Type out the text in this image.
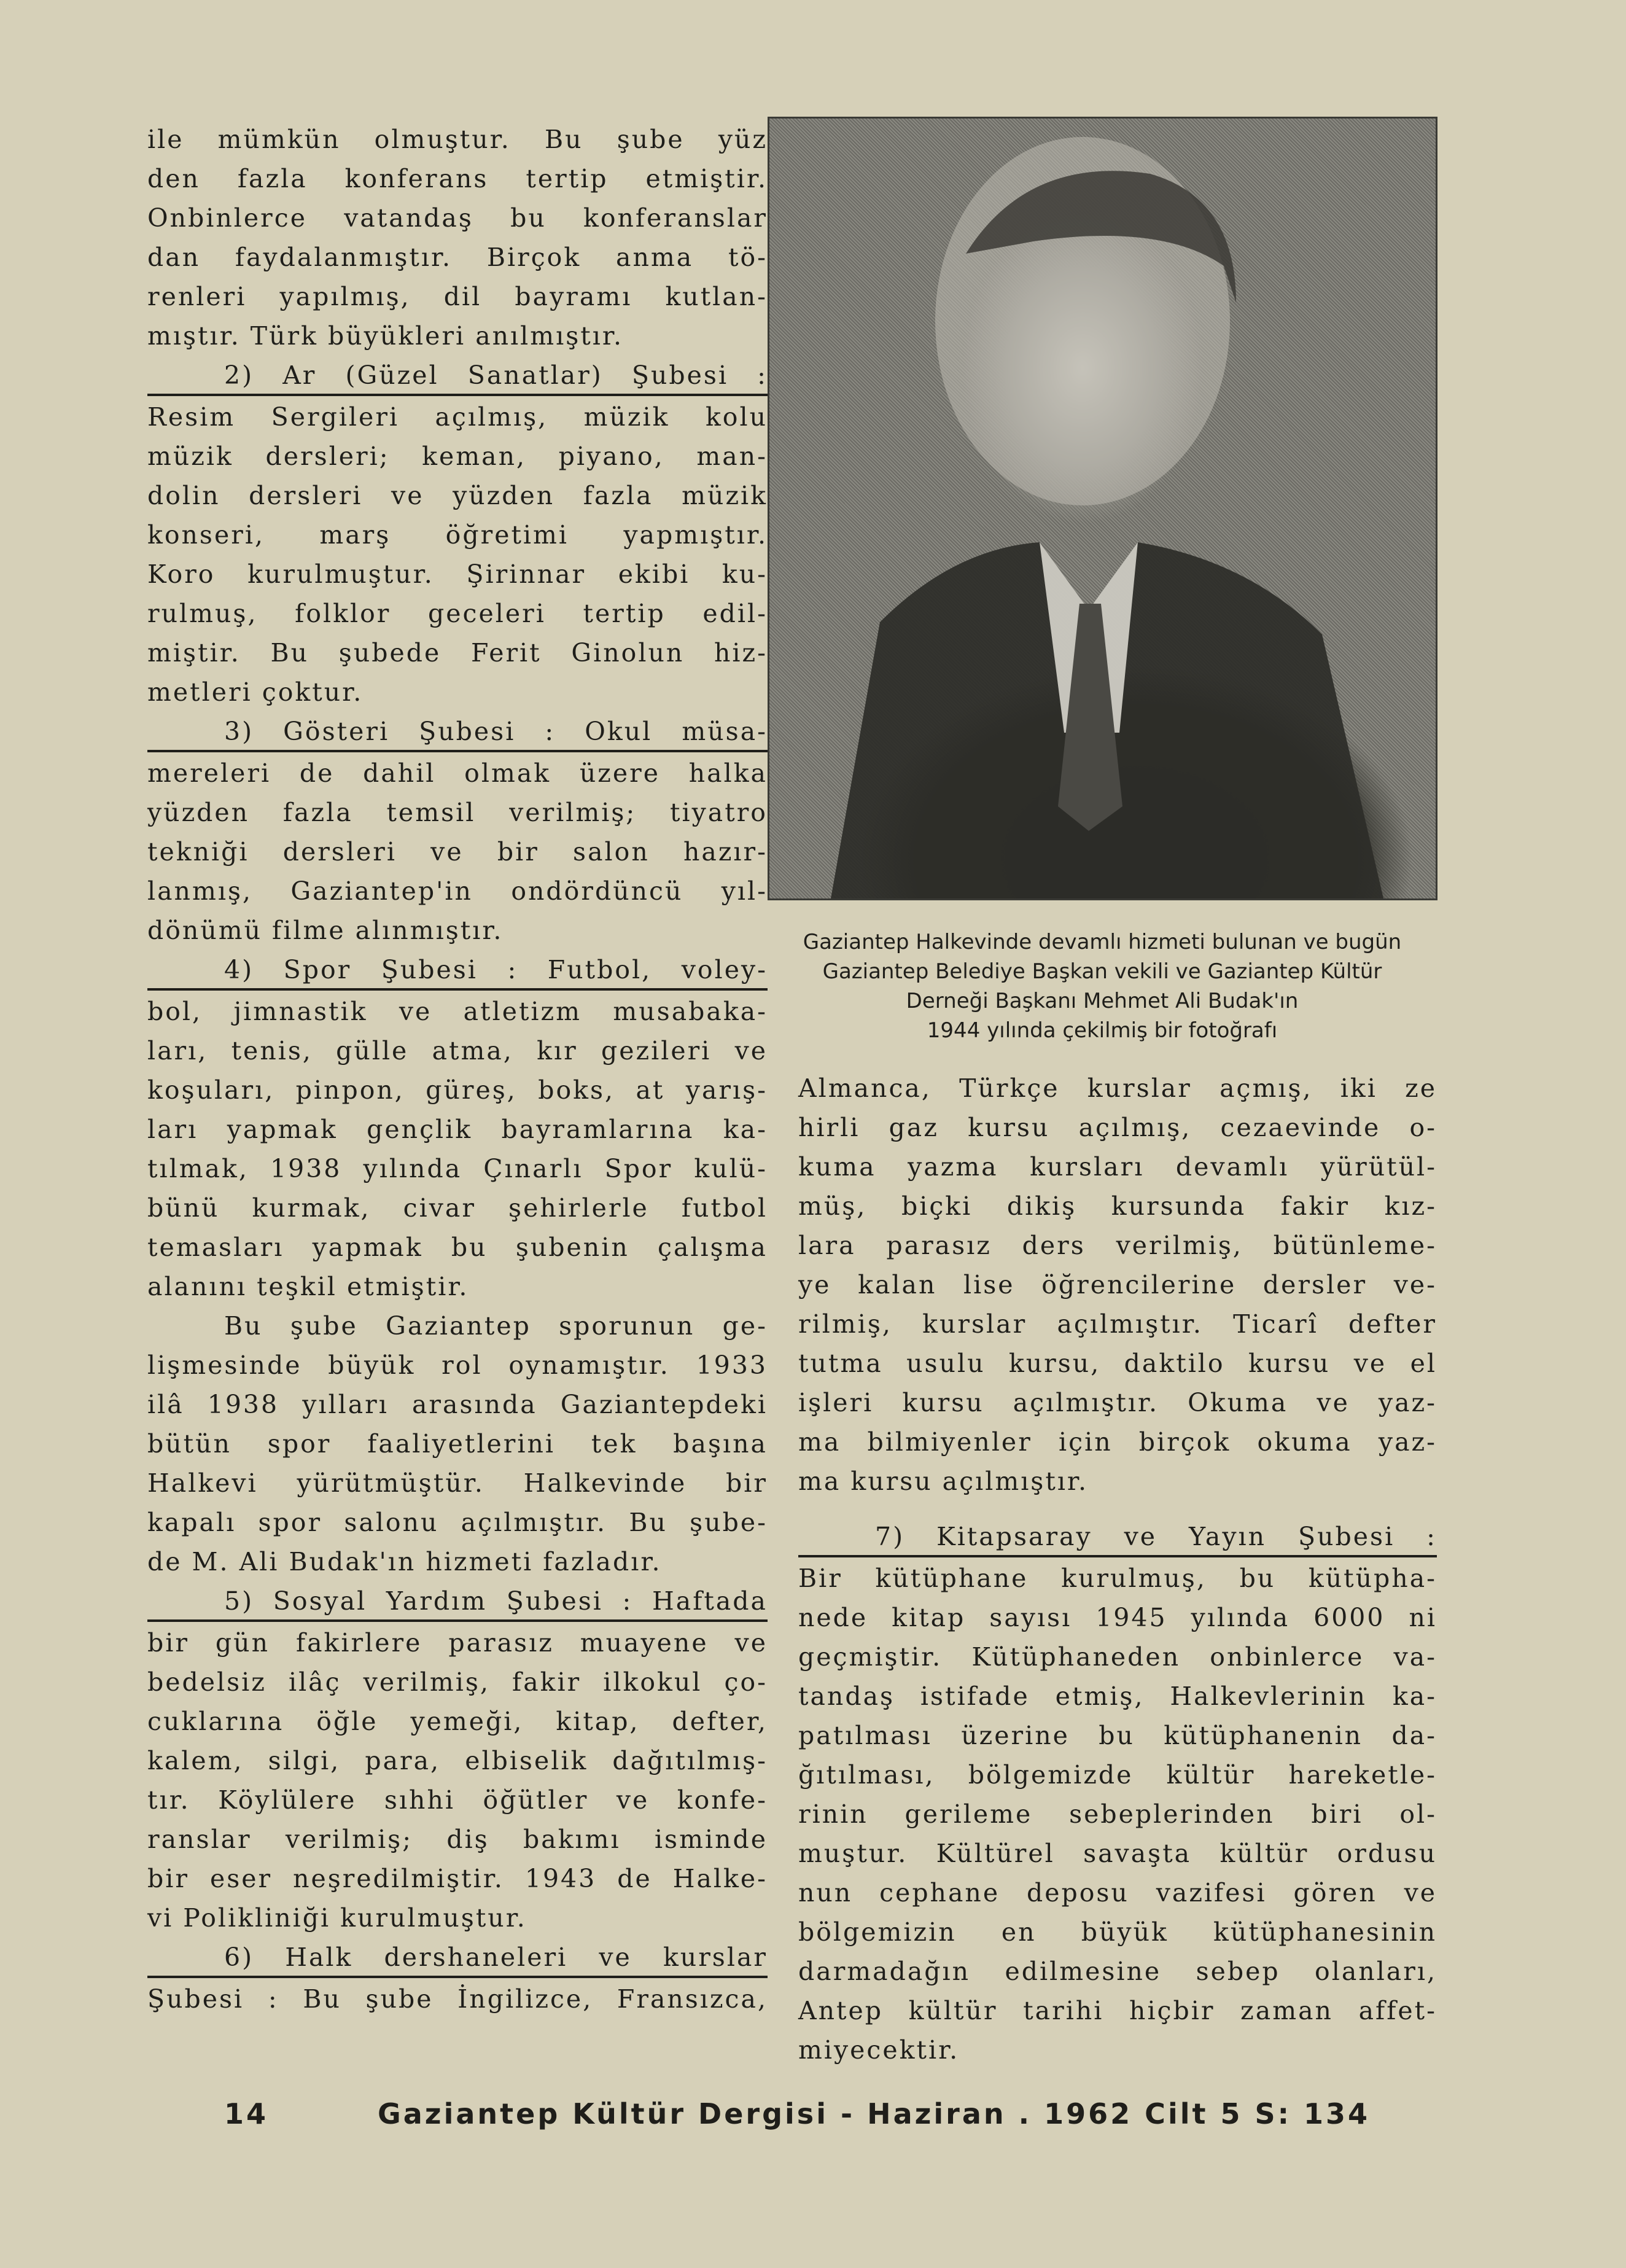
ile mümkün olmuştur. Bu şube yüz
den fazla konferans tertip etmiştir.
Onbinlerce vatandaş bu konferanslar
dan faydalanmıştır. Birçok anma tö-
renleri yapılmış, dil bayramı kutlan-
mıştır. Türk büyükleri anılmıştır.
2) Ar (Güzel Sanatlar) Şubesi :
Resim Sergileri açılmış, müzik kolu
müzik dersleri; keman, piyano, man-
dolin dersleri ve yüzden fazla müzik
konseri, marş öğretimi yapmıştır.
Koro kurulmuştur. Şirinnar ekibi ku-
rulmuş, folklor geceleri tertip edil-
miştir. Bu şubede Ferit Ginolun hiz-
metleri çoktur.
3) Gösteri Şubesi : Okul müsa-
mereleri de dahil olmak üzere halka
yüzden fazla temsil verilmiş; tiyatro
tekniği dersleri ve bir salon hazır-
lanmış, Gaziantep'in ondördüncü yıl-
dönümü filme alınmıştır.
4) Spor Şubesi : Futbol, voley-
bol, jimnastik ve atletizm musabaka-
ları, tenis, gülle atma, kır gezileri ve
koşuları, pinpon, güreş, boks, at yarış-
ları yapmak gençlik bayramlarına ka-
tılmak, 1938 yılında Çınarlı Spor kulü-
bünü kurmak, civar şehirlerle futbol
temasları yapmak bu şubenin çalışma
alanını teşkil etmiştir.
Bu şube Gaziantep sporunun ge-
lişmesinde büyük rol oynamıştır. 1933
ilâ 1938 yılları arasında Gaziantepdeki
bütün spor faaliyetlerini tek başına
Halkevi yürütmüştür. Halkevinde bir
kapalı spor salonu açılmıştır. Bu şube-
de M. Ali Budak'ın hizmeti fazladır.
5) Sosyal Yardım Şubesi : Haftada
bir gün fakirlere parasız muayene ve
bedelsiz ilâç verilmiş, fakir ilkokul ço-
cuklarına öğle yemeği, kitap, defter,
kalem, silgi, para, elbiselik dağıtılmış-
tır. Köylülere sıhhi öğütler ve konfe-
ranslar verilmiş; diş bakımı isminde
bir eser neşredilmiştir. 1943 de Halke-
vi Polikliniği kurulmuştur.
6) Halk dershaneleri ve kurslar
Şubesi : Bu şube İngilizce, Fransızca,
Gaziantep Halkevinde devamlı hizmeti bulunan ve bugün
Gaziantep Belediye Başkan vekili ve Gaziantep Kültür
Derneği Başkanı Mehmet Ali Budak'ın
1944 yılında çekilmiş bir fotoğrafı
Almanca, Türkçe kurslar açmış, iki ze
hirli gaz kursu açılmış, cezaevinde o-
kuma yazma kursları devamlı yürütül-
müş, biçki dikiş kursunda fakir kız-
lara parasız ders verilmiş, bütünleme-
ye kalan lise öğrencilerine dersler ve-
rilmiş, kurslar açılmıştır. Ticarî defter
tutma usulu kursu, daktilo kursu ve el
işleri kursu açılmıştır. Okuma ve yaz-
ma bilmiyenler için birçok okuma yaz-
ma kursu açılmıştır.
7) Kitapsaray ve Yayın Şubesi :
Bir kütüphane kurulmuş, bu kütüpha-
nede kitap sayısı 1945 yılında 6000 ni
geçmiştir. Kütüphaneden onbinlerce va-
tandaş istifade etmiş, Halkevlerinin ka-
patılması üzerine bu kütüphanenin da-
ğıtılması, bölgemizde kültür hareketle-
rinin gerileme sebeplerinden biri ol-
muştur. Kültürel savaşta kültür ordusu
nun cephane deposu vazifesi gören ve
bölgemizin en büyük kütüphanesinin
darmadağın edilmesine sebep olanları,
Antep kültür tarihi hiçbir zaman affet-
miyecektir.
14	Gaziantep Kültür Dergisi - Haziran . 1962 Cilt 5 S: 134
